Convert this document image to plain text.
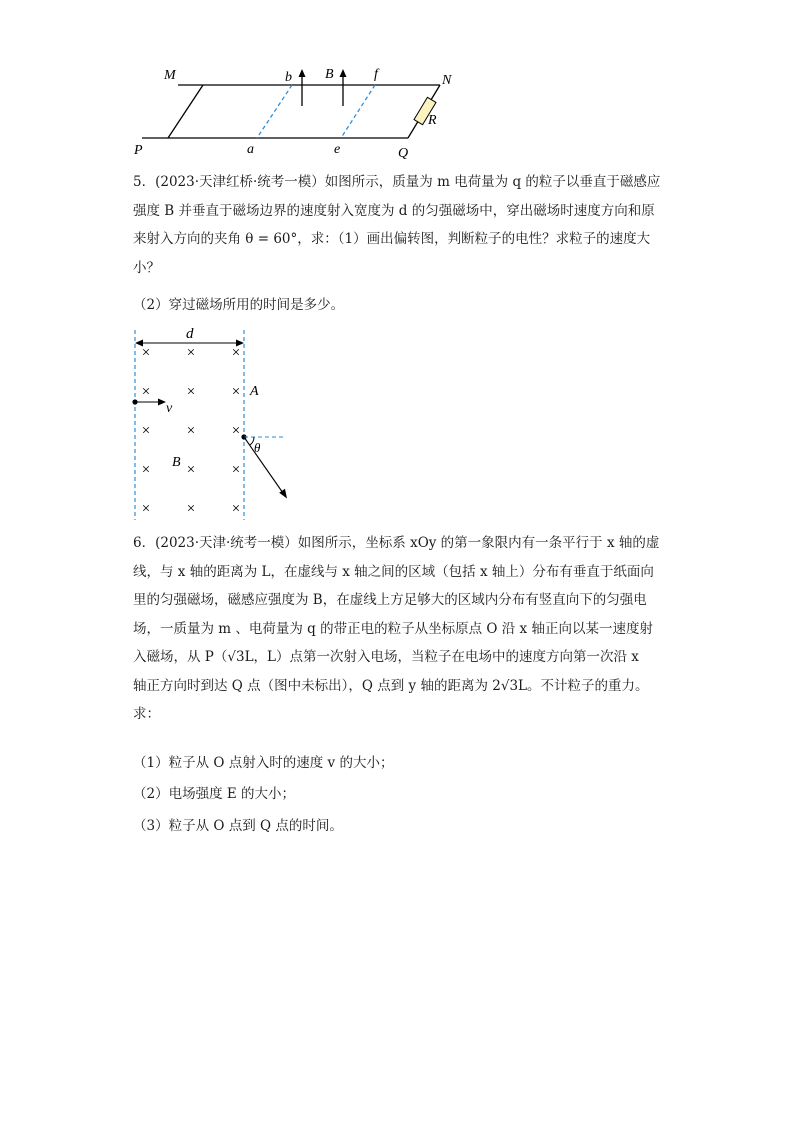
M	b B	f	N
R
P	a	e	Q
5．(2023·天津红桥·统考一模）如图所示，质量为 m 电荷量为 q 的粒子以垂直于磁感应
强度 B 并垂直于磁场边界的速度射入宽度为 d 的匀强磁场中，穿出磁场时速度方向和原
来射入方向的夹角 θ = 60°，求：（1）画出偏转图，判断粒子的电性？求粒子的速度大
小？
（2）穿过磁场所用的时间是多少。
d
× × ×
× × ×
× × ×
× × ×
× × ×
v
A
B
θ
6．(2023·天津·统考一模）如图所示，坐标系 xOy 的第一象限内有一条平行于 x 轴的虚
线，与 x 轴的距离为 L，在虚线与 x 轴之间的区域（包括 x 轴上）分布有垂直于纸面向
里的匀强磁场，磁感应强度为 B，在虚线上方足够大的区域内分布有竖直向下的匀强电
场，一质量为 m 、电荷量为 q 的带正电的粒子从坐标原点 O 沿 x 轴正向以某一速度射
入磁场，从 P（√3L，L）点第一次射入电场，当粒子在电场中的速度方向第一次沿 x
轴正方向时到达 Q 点（图中未标出），Q 点到 y 轴的距离为 2√3L。不计粒子的重力。
求：
（1）粒子从 O 点射入时的速度 v 的大小；
（2）电场强度 E 的大小；
（3）粒子从 O 点到 Q 点的时间。
